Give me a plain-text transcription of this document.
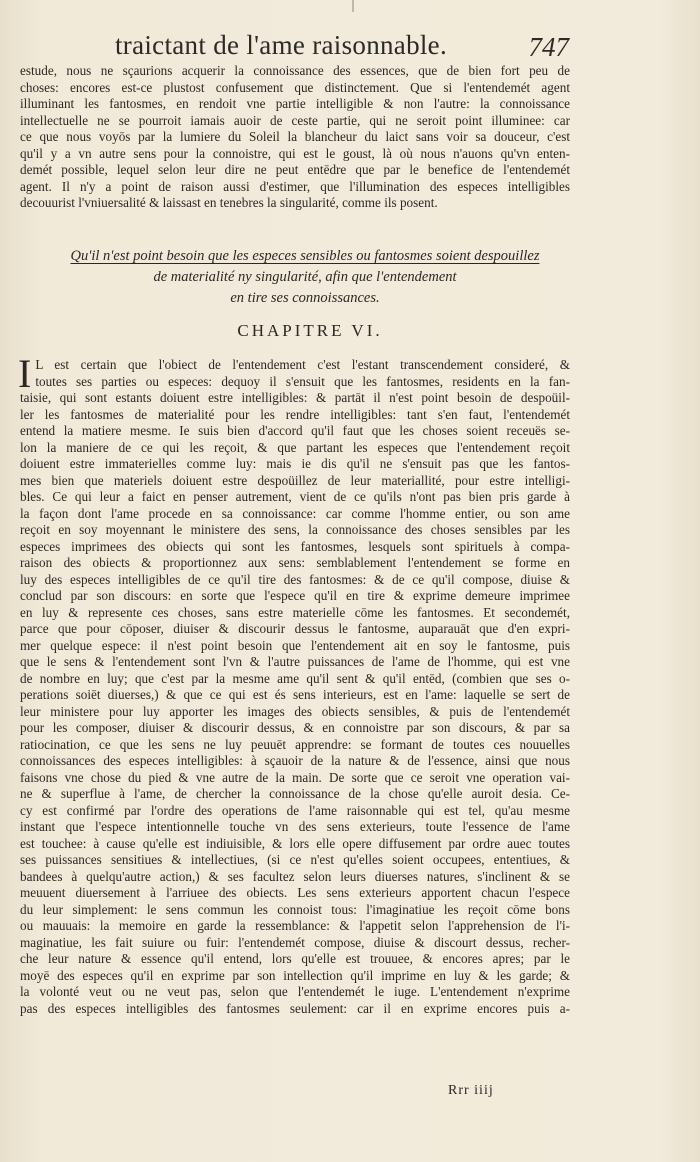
traictant de l'ame raisonnable.	747

estude, nous ne sçaurions acquerir la connoissance des essences, que de bien fort peu de

choses: encores est-ce plustost confusement que distinctement. Que si l'entendemét agent

illuminant les fantosmes, en rendoit vne partie intelligible & non l'autre: la connoissance

intellectuelle ne se pourroit iamais auoir de ceste partie, qui ne seroit point illuminee: car

ce que nous voyōs par la lumiere du Soleil la blancheur du laict sans voir sa douceur, c'est

qu'il y a vn autre sens pour la connoistre, qui est le goust, là où nous n'auons qu'vn enten-

demét possible, lequel selon leur dire ne peut entēdre que par le benefice de l'entendemét

agent. Il n'y a point de raison aussi d'estimer, que l'illumination des especes intelligibles

decouurist l'vniuersalité & laissast en tenebres la singularité, comme ils posent.

Qu'il n'est point besoin que les especes sensibles ou fantosmes soient despouillez
de materialité ny singularité, afin que l'entendement
en tire ses connoissances.
CHAPITRE VI.
I L est certain que l'obiect de l'entendement c'est l'estant transcendement consideré, &

toutes ses parties ou especes: dequoy il s'ensuit que les fantosmes, residents en la fan-

taisie, qui sont estants doiuent estre intelligibles: & partāt il n'est point besoin de despoüil-

ler les fantosmes de materialité pour les rendre intelligibles: tant s'en faut, l'entendemét

entend la matiere mesme. Ie suis bien d'accord qu'il faut que les choses soient receuës se-

lon la maniere de ce qui les reçoit, & que partant les especes que l'entendement reçoit

doiuent estre immaterielles comme luy: mais ie dis qu'il ne s'ensuit pas que les fantos-

mes bien que materiels doiuent estre despoüillez de leur materiallité, pour estre intelligi-

bles. Ce qui leur a faict en penser autrement, vient de ce qu'ils n'ont pas bien pris garde à

la façon dont l'ame procede en sa connoissance: car comme l'homme entier, ou son ame

reçoit en soy moyennant le ministere des sens, la connoissance des choses sensibles par les

especes imprimees des obiects qui sont les fantosmes, lesquels sont spirituels à compa-

raison des obiects & proportionnez aux sens: semblablement l'entendement se forme en

luy des especes intelligibles de ce qu'il tire des fantosmes: & de ce qu'il compose, diuise &

conclud par son discours: en sorte que l'espece qu'il en tire & exprime demeure imprimee

en luy & represente ces choses, sans estre materielle cōme les fantosmes. Et secondemét,

parce que pour cōposer, diuiser & discourir dessus le fantosme, auparauāt que d'en expri-

mer quelque espece: il n'est point besoin que l'entendement ait en soy le fantosme, puis

que le sens & l'entendement sont l'vn & l'autre puissances de l'ame de l'homme, qui est vne

de nombre en luy; que c'est par la mesme ame qu'il sent & qu'il entēd, (combien que ses o-

perations soiēt diuerses,) & que ce qui est és sens interieurs, est en l'ame: laquelle se sert de

leur ministere pour luy apporter les images des obiects sensibles, & puis de l'entendemét

pour les composer, diuiser & discourir dessus, & en connoistre par son discours, & par sa

ratiocination, ce que les sens ne luy peuuēt apprendre: se formant de toutes ces nouuelles

connoissances des especes intelligibles: à sçauoir de la nature & de l'essence, ainsi que nous

faisons vne chose du pied & vne autre de la main. De sorte que ce seroit vne operation vai-

ne & superflue à l'ame, de chercher la connoissance de la chose qu'elle auroit desia. Ce-

cy est confirmé par l'ordre des operations de l'ame raisonnable qui est tel, qu'au mesme

instant que l'espece intentionnelle touche vn des sens exterieurs, toute l'essence de l'ame

est touchee: à cause qu'elle est indiuisible, & lors elle opere diffusement par ordre auec toutes

ses puissances sensitiues & intellectiues, (si ce n'est qu'elles soient occupees, ententiues, &

bandees à quelqu'autre action,) & ses facultez selon leurs diuerses natures, s'inclinent & se

meuuent diuersement à l'arriuee des obiects. Les sens exterieurs apportent chacun l'espece

du leur simplement: le sens commun les connoist tous: l'imaginatiue les reçoit cōme bons

ou mauuais: la memoire en garde la ressemblance: & l'appetit selon l'apprehension de l'i-

maginatiue, les fait suiure ou fuir: l'entendemét compose, diuise & discourt dessus, recher-

che leur nature & essence qu'il entend, lors qu'elle est trouuee, & encores apres; par le

moyē des especes qu'il en exprime par son intellection qu'il imprime en luy & les garde; &

la volonté veut ou ne veut pas, selon que l'entendemét le iuge. L'entendement n'exprime

pas des especes intelligibles des fantosmes seulement: car il en exprime encores puis a-

Rrr iiij
